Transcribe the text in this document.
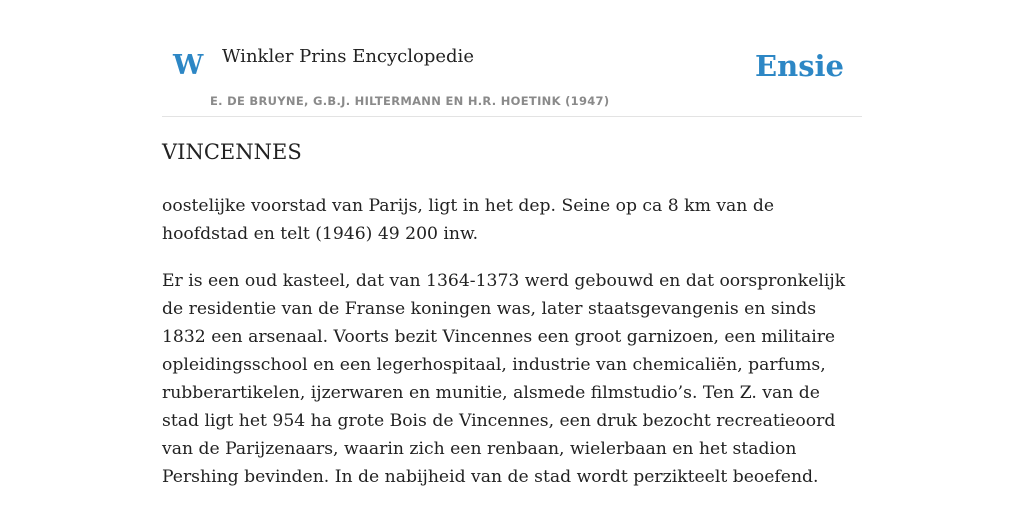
W Winkler Prins Encyclopedie
E. DE BRUYNE, G.B.J. HILTERMANN EN H.R. HOETINK (1947)
Ensie
VINCENNES

oostelijke voorstad van Parijs, ligt in het dep. Seine op ca 8 km van de hoofdstad en telt (1946) 49 200 inw.

Er is een oud kasteel, dat van 1364-1373 werd gebouwd en dat oorspronkelijk de residentie van de Franse koningen was, later staatsgevangenis en sinds 1832 een arsenaal. Voorts bezit Vincennes een groot garnizoen, een militaire opleidingsschool en een legerhospitaal, industrie van chemicaliën, parfums, rubberartikelen, ijzerwaren en munitie, alsmede filmstudio’s. Ten Z. van de stad ligt het 954 ha grote Bois de Vincennes, een druk bezocht recreatieoord van de Parijzenaars, waarin zich een renbaan, wielerbaan en het stadion Pershing bevinden. In de nabijheid van de stad wordt perzikteelt beoefend.
